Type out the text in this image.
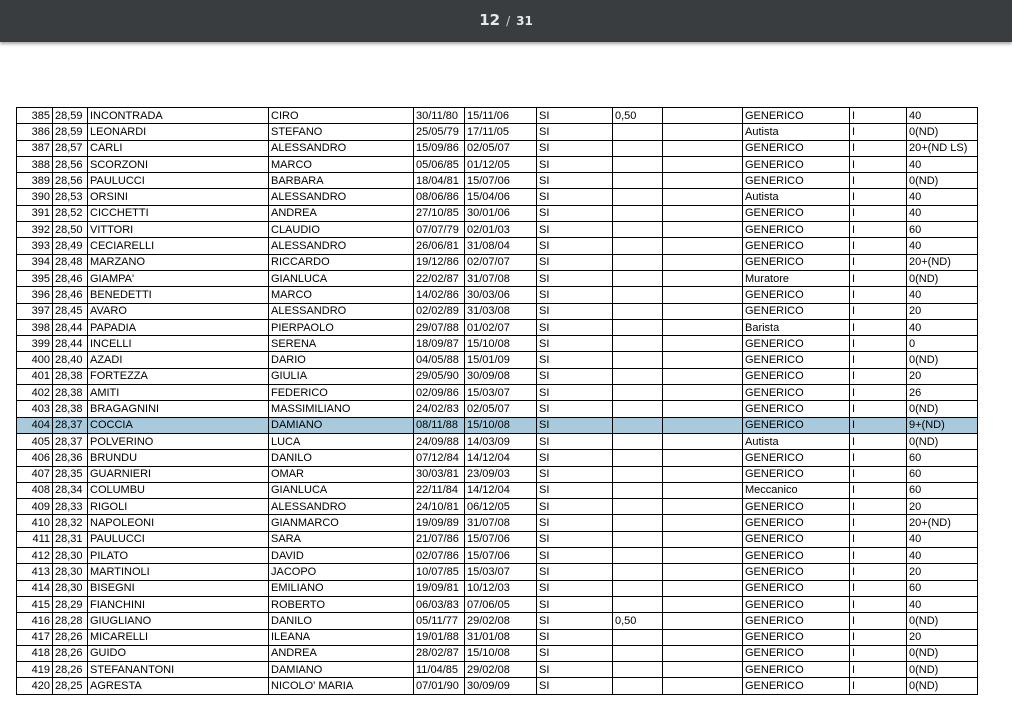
12 / 31
385	28,59	INCONTRADA	CIRO	30/11/80	15/11/06	SI	0,50		GENERICO	I	40
386	28,59	LEONARDI	STEFANO	25/05/79	17/11/05	SI			Autista	I	0(ND)
387	28,57	CARLI	ALESSANDRO	15/09/86	02/05/07	SI			GENERICO	I	20+(ND LS)
388	28,56	SCORZONI	MARCO	05/06/85	01/12/05	SI			GENERICO	I	40
389	28,56	PAULUCCI	BARBARA	18/04/81	15/07/06	SI			GENERICO	I	0(ND)
390	28,53	ORSINI	ALESSANDRO	08/06/86	15/04/06	SI			Autista	I	40
391	28,52	CICCHETTI	ANDREA	27/10/85	30/01/06	SI			GENERICO	I	40
392	28,50	VITTORI	CLAUDIO	07/07/79	02/01/03	SI			GENERICO	I	60
393	28,49	CECIARELLI	ALESSANDRO	26/06/81	31/08/04	SI			GENERICO	I	40
394	28,48	MARZANO	RICCARDO	19/12/86	02/07/07	SI			GENERICO	I	20+(ND)
395	28,46	GIAMPA'	GIANLUCA	22/02/87	31/07/08	SI			Muratore	I	0(ND)
396	28,46	BENEDETTI	MARCO	14/02/86	30/03/06	SI			GENERICO	I	40
397	28,45	AVARO	ALESSANDRO	02/02/89	31/03/08	SI			GENERICO	I	20
398	28,44	PAPADIA	PIERPAOLO	29/07/88	01/02/07	SI			Barista	I	40
399	28,44	INCELLI	SERENA	18/09/87	15/10/08	SI			GENERICO	I	0
400	28,40	AZADI	DARIO	04/05/88	15/01/09	SI			GENERICO	I	0(ND)
401	28,38	FORTEZZA	GIULIA	29/05/90	30/09/08	SI			GENERICO	I	20
402	28,38	AMITI	FEDERICO	02/09/86	15/03/07	SI			GENERICO	I	26
403	28,38	BRAGAGNINI	MASSIMILIANO	24/02/83	02/05/07	SI			GENERICO	I	0(ND)
404	28,37	COCCIA	DAMIANO	08/11/88	15/10/08	SI			GENERICO	I	9+(ND)
405	28,37	POLVERINO	LUCA	24/09/88	14/03/09	SI			Autista	I	0(ND)
406	28,36	BRUNDU	DANILO	07/12/84	14/12/04	SI			GENERICO	I	60
407	28,35	GUARNIERI	OMAR	30/03/81	23/09/03	SI			GENERICO	I	60
408	28,34	COLUMBU	GIANLUCA	22/11/84	14/12/04	SI			Meccanico	I	60
409	28,33	RIGOLI	ALESSANDRO	24/10/81	06/12/05	SI			GENERICO	I	20
410	28,32	NAPOLEONI	GIANMARCO	19/09/89	31/07/08	SI			GENERICO	I	20+(ND)
411	28,31	PAULUCCI	SARA	21/07/86	15/07/06	SI			GENERICO	I	40
412	28,30	PILATO	DAVID	02/07/86	15/07/06	SI			GENERICO	I	40
413	28,30	MARTINOLI	JACOPO	10/07/85	15/03/07	SI			GENERICO	I	20
414	28,30	BISEGNI	EMILIANO	19/09/81	10/12/03	SI			GENERICO	I	60
415	28,29	FIANCHINI	ROBERTO	06/03/83	07/06/05	SI			GENERICO	I	40
416	28,28	GIUGLIANO	DANILO	05/11/77	29/02/08	SI	0,50		GENERICO	I	0(ND)
417	28,26	MICARELLI	ILEANA	19/01/88	31/01/08	SI			GENERICO	I	20
418	28,26	GUIDO	ANDREA	28/02/87	15/10/08	SI			GENERICO	I	0(ND)
419	28,26	STEFANANTONI	DAMIANO	11/04/85	29/02/08	SI			GENERICO	I	0(ND)
420	28,25	AGRESTA	NICOLO' MARIA	07/01/90	30/09/09	SI			GENERICO	I	0(ND)
